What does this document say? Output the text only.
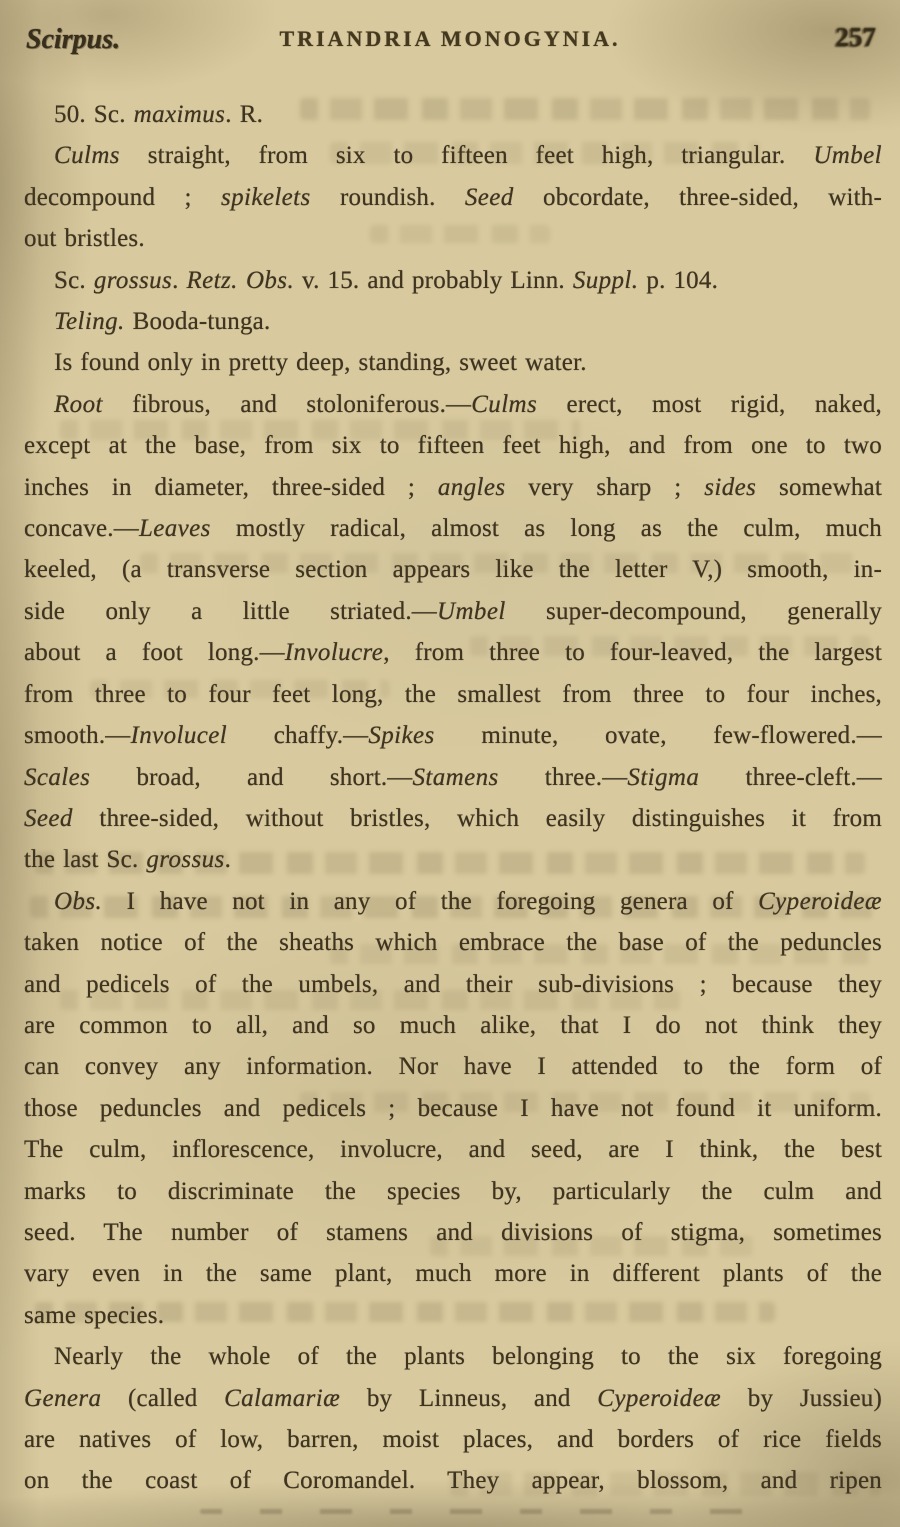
Scirpus.	TRIANDRIA MONOGYNIA.	257
50. Sc. maximus. R.
Culms straight, from six to fifteen feet high, triangular. Umbel
decompound ; spikelets roundish. Seed obcordate, three-sided, with-
out bristles.
Sc. grossus. Retz. Obs. v. 15. and probably Linn. Suppl. p. 104.
Teling. Booda-tunga.
Is found only in pretty deep, standing, sweet water.
Root fibrous, and stoloniferous.—Culms erect, most rigid, naked,
except at the base, from six to fifteen feet high, and from one to two
inches in diameter, three-sided ; angles very sharp ; sides somewhat
concave.—Leaves mostly radical, almost as long as the culm, much
keeled, (a transverse section appears like the letter V,) smooth, in-
side only a little striated.—Umbel super-decompound, generally
about a foot long.—Involucre, from three to four-leaved, the largest
from three to four feet long, the smallest from three to four inches,
smooth.—Involucel chaffy.—Spikes minute, ovate, few-flowered.—
Scales broad, and short.—Stamens three.—Stigma three-cleft.—
Seed three-sided, without bristles, which easily distinguishes it from
the last Sc. grossus.
Obs. I have not in any of the foregoing genera of Cyperoideæ
taken notice of the sheaths which embrace the base of the peduncles
and pedicels of the umbels, and their sub-divisions ; because they
are common to all, and so much alike, that I do not think they
can convey any information. Nor have I attended to the form of
those peduncles and pedicels ; because I have not found it uniform.
The culm, inflorescence, involucre, and seed, are I think, the best
marks to discriminate the species by, particularly the culm and
seed. The number of stamens and divisions of stigma, sometimes
vary even in the same plant, much more in different plants of the
same species.
Nearly the whole of the plants belonging to the six foregoing
Genera (called Calamariæ by Linneus, and Cyperoideæ by Jussieu)
are natives of low, barren, moist places, and borders of rice fields
on the coast of Coromandel. They appear, blossom, and ripen
